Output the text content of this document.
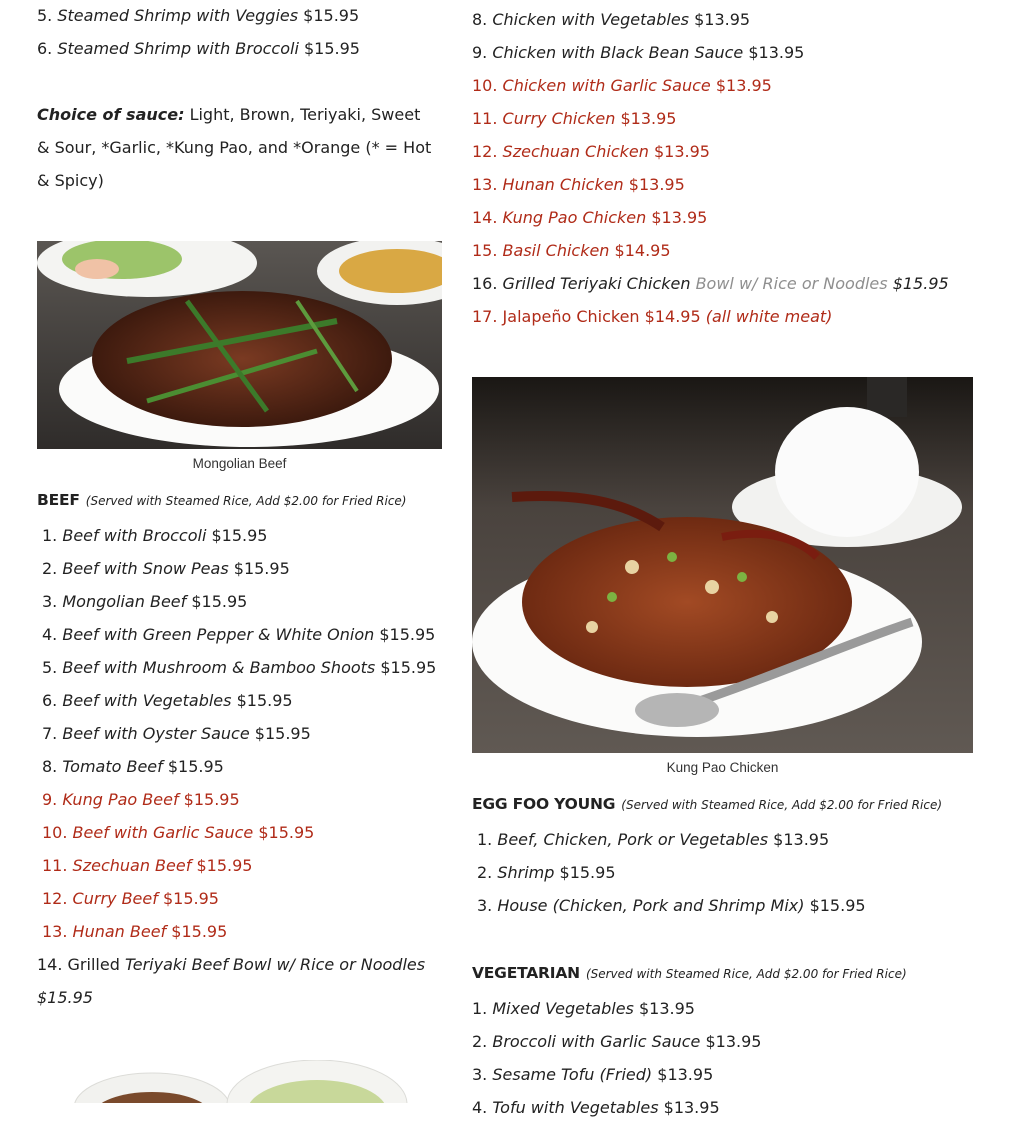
5. Steamed Shrimp with Veggies $15.95
6. Steamed Shrimp with Broccoli $15.95
Choice of sauce: Light, Brown, Teriyaki, Sweet & Sour, *Garlic, *Kung Pao, and *Orange (* = Hot & Spicy)
Mongolian Beef
BEEF (Served with Steamed Rice, Add $2.00 for Fried Rice)
1. Beef with Broccoli $15.95
2. Beef with Snow Peas $15.95
3. Mongolian Beef $15.95
4. Beef with Green Pepper & White Onion $15.95
5. Beef with Mushroom & Bamboo Shoots $15.95
6. Beef with Vegetables $15.95
7. Beef with Oyster Sauce $15.95
8. Tomato Beef $15.95
9. Kung Pao Beef $15.95
10. Beef with Garlic Sauce $15.95
11. Szechuan Beef $15.95
12. Curry Beef $15.95
13. Hunan Beef $15.95
14. Grilled Teriyaki Beef Bowl w/ Rice or Noodles $15.95
8. Chicken with Vegetables $13.95
9. Chicken with Black Bean Sauce $13.95
10. Chicken with Garlic Sauce $13.95
11. Curry Chicken $13.95
12. Szechuan Chicken $13.95
13. Hunan Chicken $13.95
14. Kung Pao Chicken $13.95
15. Basil Chicken $14.95
16. Grilled Teriyaki Chicken Bowl w/ Rice or Noodles $15.95
17. Jalapeño Chicken $14.95 (all white meat)
Kung Pao Chicken
EGG FOO YOUNG (Served with Steamed Rice, Add $2.00 for Fried Rice)
1. Beef, Chicken, Pork or Vegetables $13.95
2. Shrimp $15.95
3. House (Chicken, Pork and Shrimp Mix) $15.95
VEGETARIAN (Served with Steamed Rice, Add $2.00 for Fried Rice)
1. Mixed Vegetables $13.95
2. Broccoli with Garlic Sauce $13.95
3. Sesame Tofu (Fried) $13.95
4. Tofu with Vegetables $13.95
